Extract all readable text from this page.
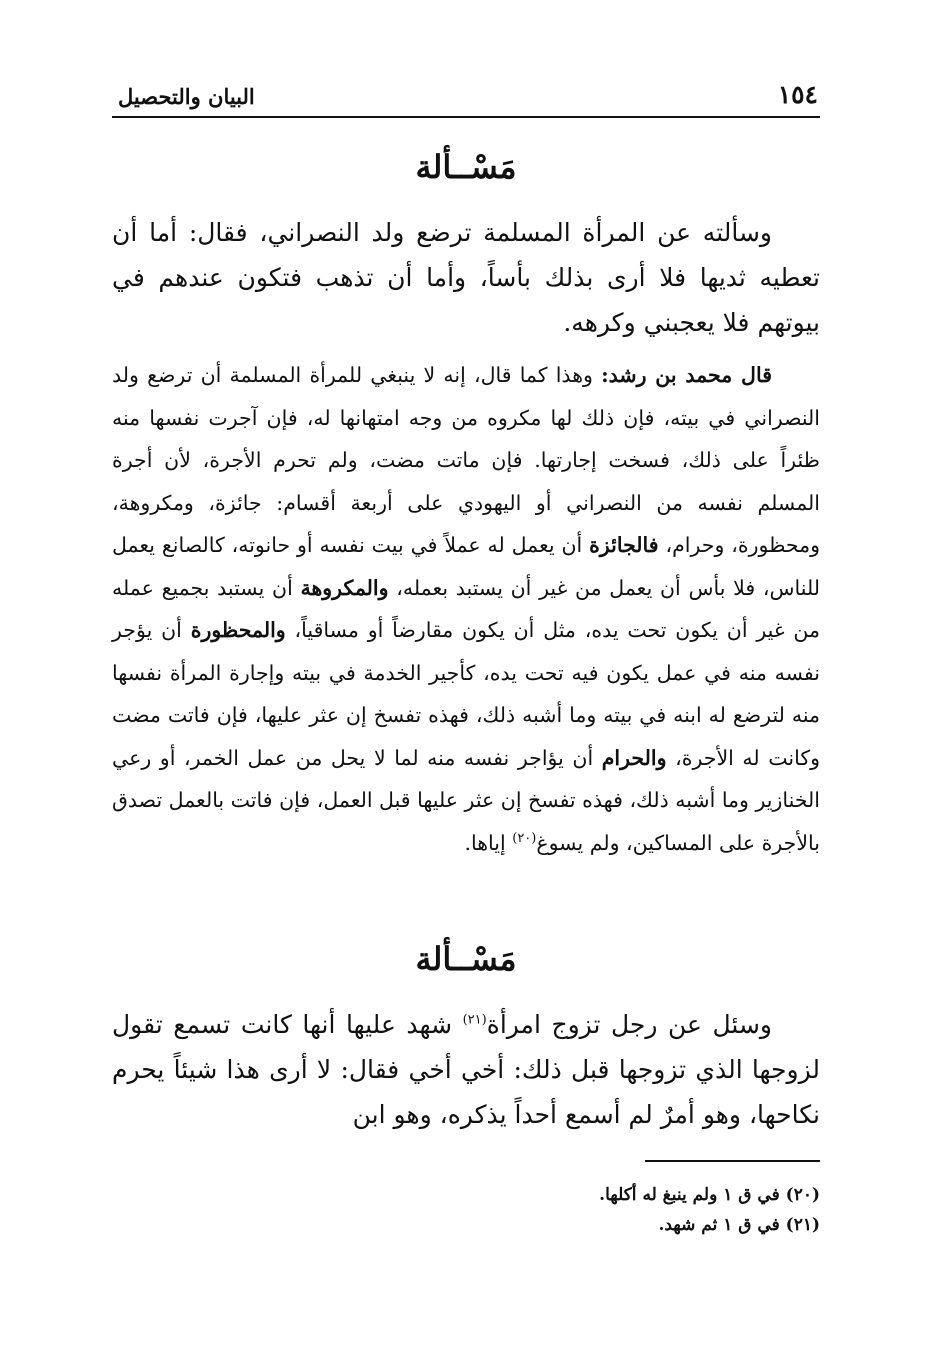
١٥٤
البيان والتحصيل
مَسْــألة

وسألته عن المرأة المسلمة ترضع ولد النصراني، فقال: أما أن تعطيه ثديها فلا أرى بذلك بأساً، وأما أن تذهب فتكون عندهم في بيوتهم فلا يعجبني وكرهه.

قال محمد بن رشد: وهذا كما قال، إنه لا ينبغي للمرأة المسلمة أن ترضع ولد النصراني في بيته، فإن ذلك لها مكروه من وجه امتهانها له، فإن آجرت نفسها منه ظئراً على ذلك، فسخت إجارتها. فإن ماتت مضت، ولم تحرم الأجرة، لأن أجرة المسلم نفسه من النصراني أو اليهودي على أربعة أقسام: جائزة، ومكروهة، ومحظورة، وحرام، فالجائزة أن يعمل له عملاً في بيت نفسه أو حانوته، كالصانع يعمل للناس، فلا بأس أن يعمل من غير أن يستبد بعمله، والمكروهة أن يستبد بجميع عمله من غير أن يكون تحت يده، مثل أن يكون مقارضاً أو مساقياً، والمحظورة أن يؤجر نفسه منه في عمل يكون فيه تحت يده، كأجير الخدمة في بيته وإجارة المرأة نفسها منه لترضع له ابنه في بيته وما أشبه ذلك، فهذه تفسخ إن عثر عليها، فإن فاتت مضت وكانت له الأجرة، والحرام أن يؤاجر نفسه منه لما لا يحل من عمل الخمر، أو رعي الخنازير وما أشبه ذلك، فهذه تفسخ إن عثر عليها قبل العمل، فإن فاتت بالعمل تصدق بالأجرة على المساكين، ولم يسوغ$^{(٢٠)}$ إياها.

مَسْــألة

وسئل عن رجل تزوج امرأة$^{(٢١)}$ شهد عليها أنها كانت تسمع تقول لزوجها الذي تزوجها قبل ذلك: أخي أخي فقال: لا أرى هذا شيئاً يحرم نكاحها، وهو أمرٌ لم أسمع أحداً يذكره، وهو ابن

(٢٠) في ق ١ ولم ينبغ له أكلها.
(٢١) في ق ١ ثم شهد.
